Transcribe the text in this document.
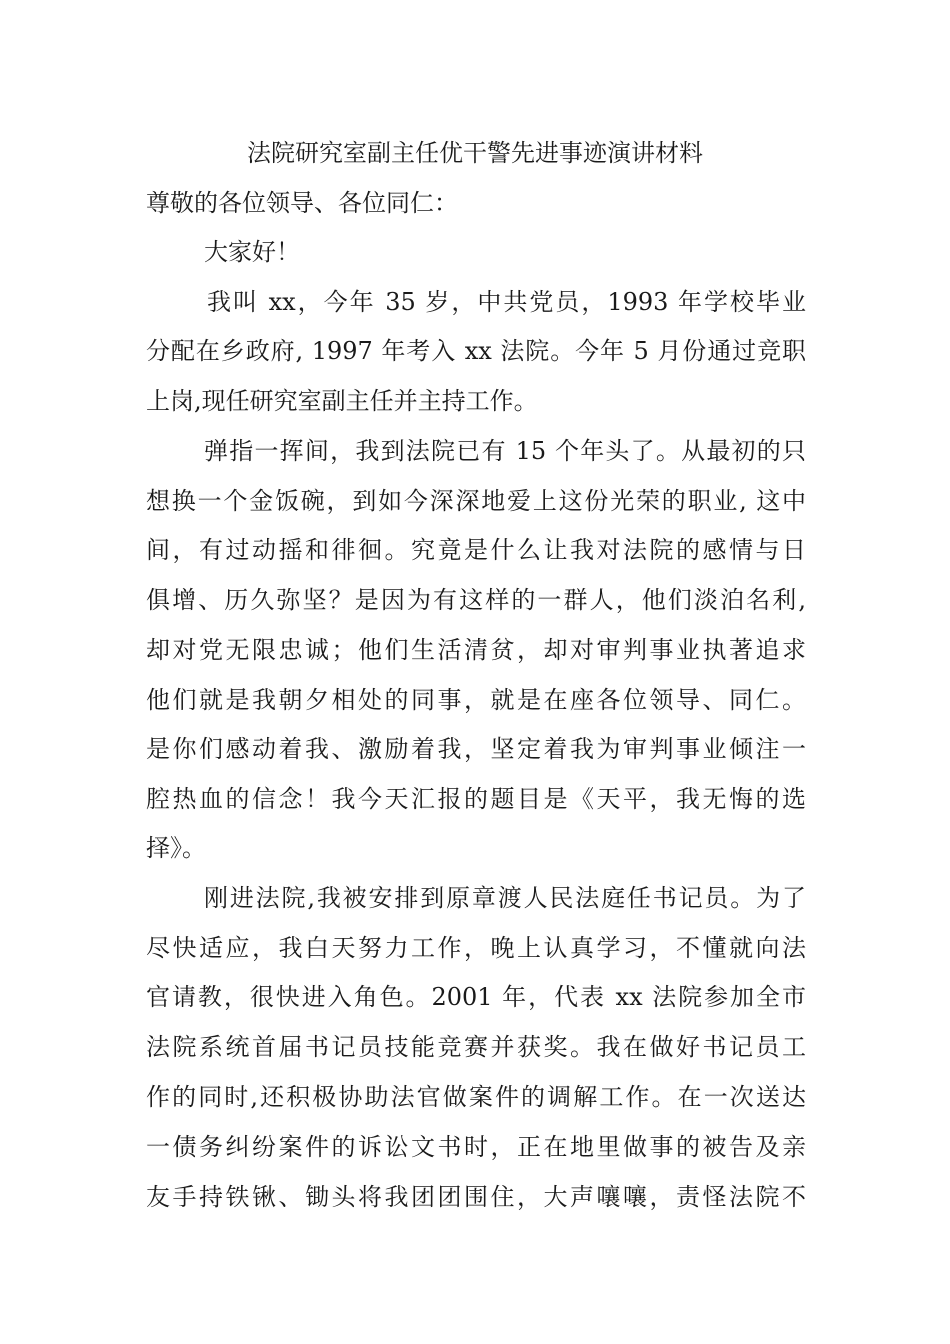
法院研究室副主任优干警先进事迹演讲材料
尊敬的各位领导、各位同仁：
大家好！
我叫 xx，今年 35 岁，中共党员，1993 年学校毕业
分配在乡政府, 1997 年考入 xx 法院。今年 5 月份通过竞职
上岗,现任研究室副主任并主持工作。
弹指一挥间，我到法院已有 15 个年头了。从最初的只
想换一个金饭碗，到如今深深地爱上这份光荣的职业, 这中
间，有过动摇和徘徊。究竟是什么让我对法院的感情与日
俱增、历久弥坚？是因为有这样的一群人，他们淡泊名利,
却对党无限忠诚；他们生活清贫，却对审判事业执著追求
他们就是我朝夕相处的同事，就是在座各位领导、同仁。
是你们感动着我、激励着我，坚定着我为审判事业倾注一
腔热血的信念！我今天汇报的题目是《天平，我无悔的选
择》。
刚进法院,我被安排到原章渡人民法庭任书记员。为了
尽快适应，我白天努力工作，晚上认真学习，不懂就向法
官请教，很快进入角色。2001 年，代表 xx 法院参加全市
法院系统首届书记员技能竞赛并获奖。我在做好书记员工
作的同时,还积极协助法官做案件的调解工作。在一次送达
一债务纠纷案件的诉讼文书时，正在地里做事的被告及亲
友手持铁锹、锄头将我团团围住，大声嚷嚷，责怪法院不
